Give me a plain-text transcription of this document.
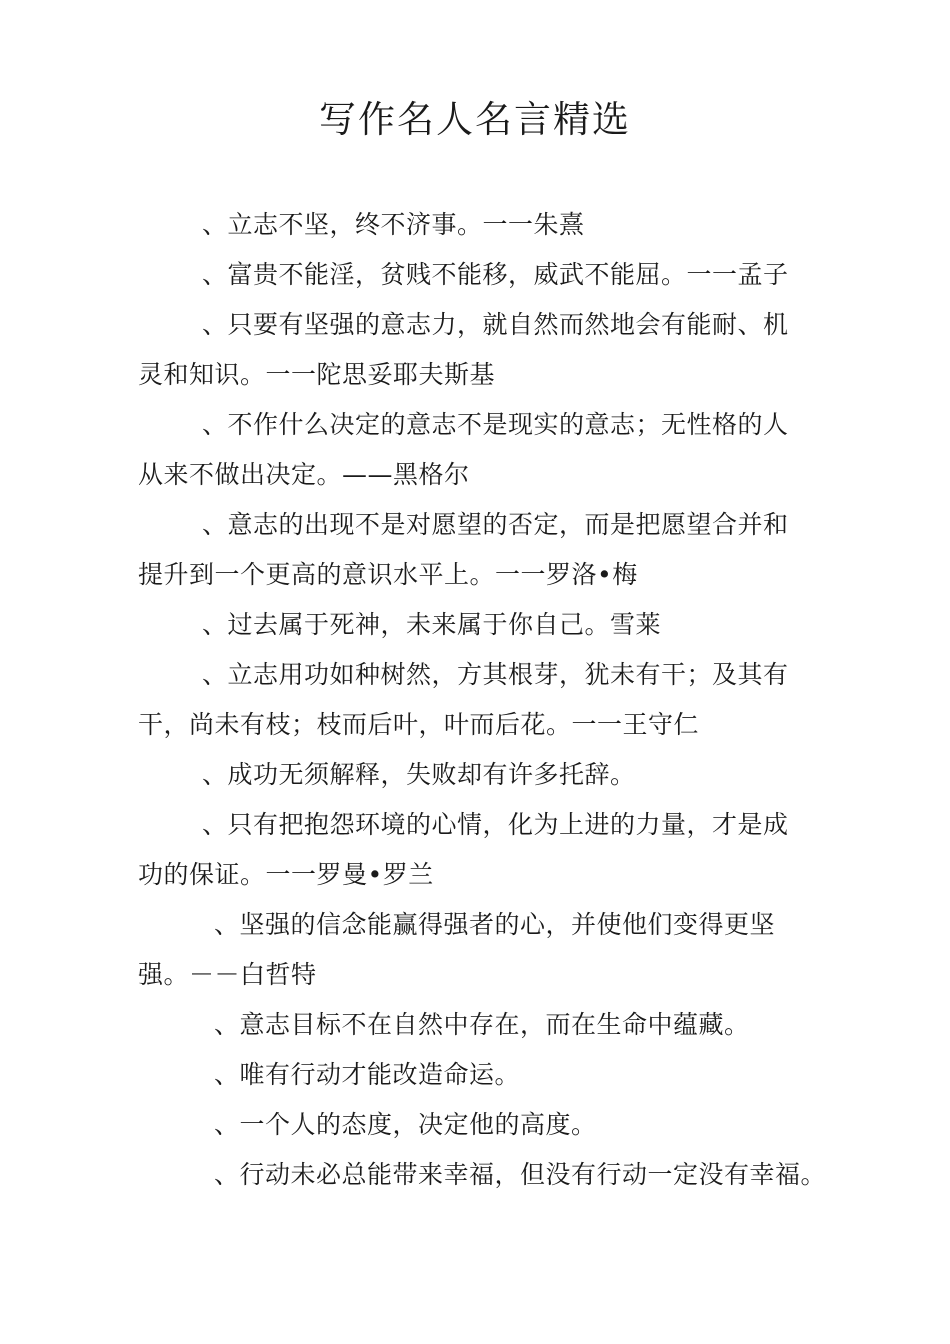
写作名人名言精选
、立志不坚，终不济事。一一朱熹
、富贵不能淫，贫贱不能移，威武不能屈。一一孟子
、只要有坚强的意志力，就自然而然地会有能耐、机
灵和知识。一一陀思妥耶夫斯基
、不作什么决定的意志不是现实的意志；无性格的人
从来不做出决定。——黑格尔
、意志的出现不是对愿望的否定，而是把愿望合并和
提升到一个更高的意识水平上。一一罗洛•梅
、过去属于死神，未来属于你自己。雪莱
、立志用功如种树然，方其根芽，犹未有干；及其有
干，尚未有枝；枝而后叶，叶而后花。一一王守仁
、成功无须解释，失败却有许多托辞。
、只有把抱怨环境的心情，化为上进的力量，才是成
功的保证。一一罗曼•罗兰
、坚强的信念能赢得强者的心，并使他们变得更坚
强。－－白哲特
、意志目标不在自然中存在，而在生命中蕴藏。
、唯有行动才能改造命运。
、一个人的态度，决定他的高度。
、行动未必总能带来幸福，但没有行动一定没有幸福。
